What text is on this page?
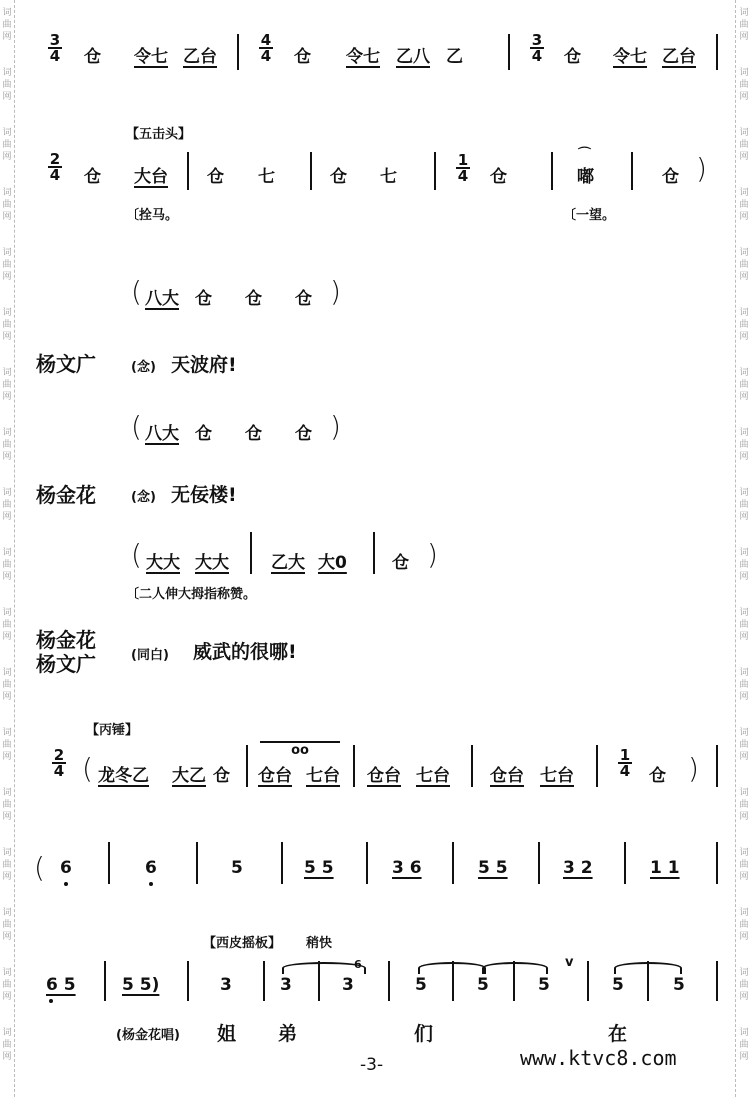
词
曲
网
词
曲
网
词
曲
网
词
曲
网
词
曲
网
词
曲
网
词
曲
网
词
曲
网
词
曲
网
词
曲
网
词
曲
网
词
曲
网
词
曲
网
词
曲
网
词
曲
网
词
曲
网
词
曲
网
词
曲
网
词
曲
网
词
曲
网
词
曲
网
词
曲
网
词
曲
网
词
曲
网
词
曲
网
词
曲
网
词
曲
网
词
曲
网
词
曲
网
词
曲
网
词
曲
网
词
曲
网
词
曲
网
词
曲
网
词
曲
网
词
曲
网
$\frac{3}{4}$ 仓 令七 乙台	$\frac{4}{4}$ 仓 令七 乙八 乙	$\frac{3}{4}$ 仓 令七 乙台
【五击头】
$\frac{2}{4}$ 仓 大台 仓 七	仓 七	$\frac{1}{4}$ 仓
⌒
嘟	仓 )
〔拴马。	〔一望。
( 八大 仓 仓 仓 )
杨文广	(念) 天波府!
( 八大 仓 仓 仓 )
杨金花	(念) 无佞楼!
( 大大 大大 乙大 大0	仓 )
〔二人伸大拇指称赞。
杨金花
杨文广	(同白) 威武的很哪!
【丙锤】
$\frac{2}{4}$ ( 龙冬乙 大乙 仓
oo
仓台 七台 仓台 七台 仓台 七台	$\frac{1}{4}$ 仓 )
( 6	6	5	5 5	3 6	5 5	3 2	1 1
【西皮摇板】 稍快
6 5	5 5)	3	3	3
6
5	5	5
v
5	5
(杨金花唱) 姐 弟	们	在
-3-	www.ktvc8.com
